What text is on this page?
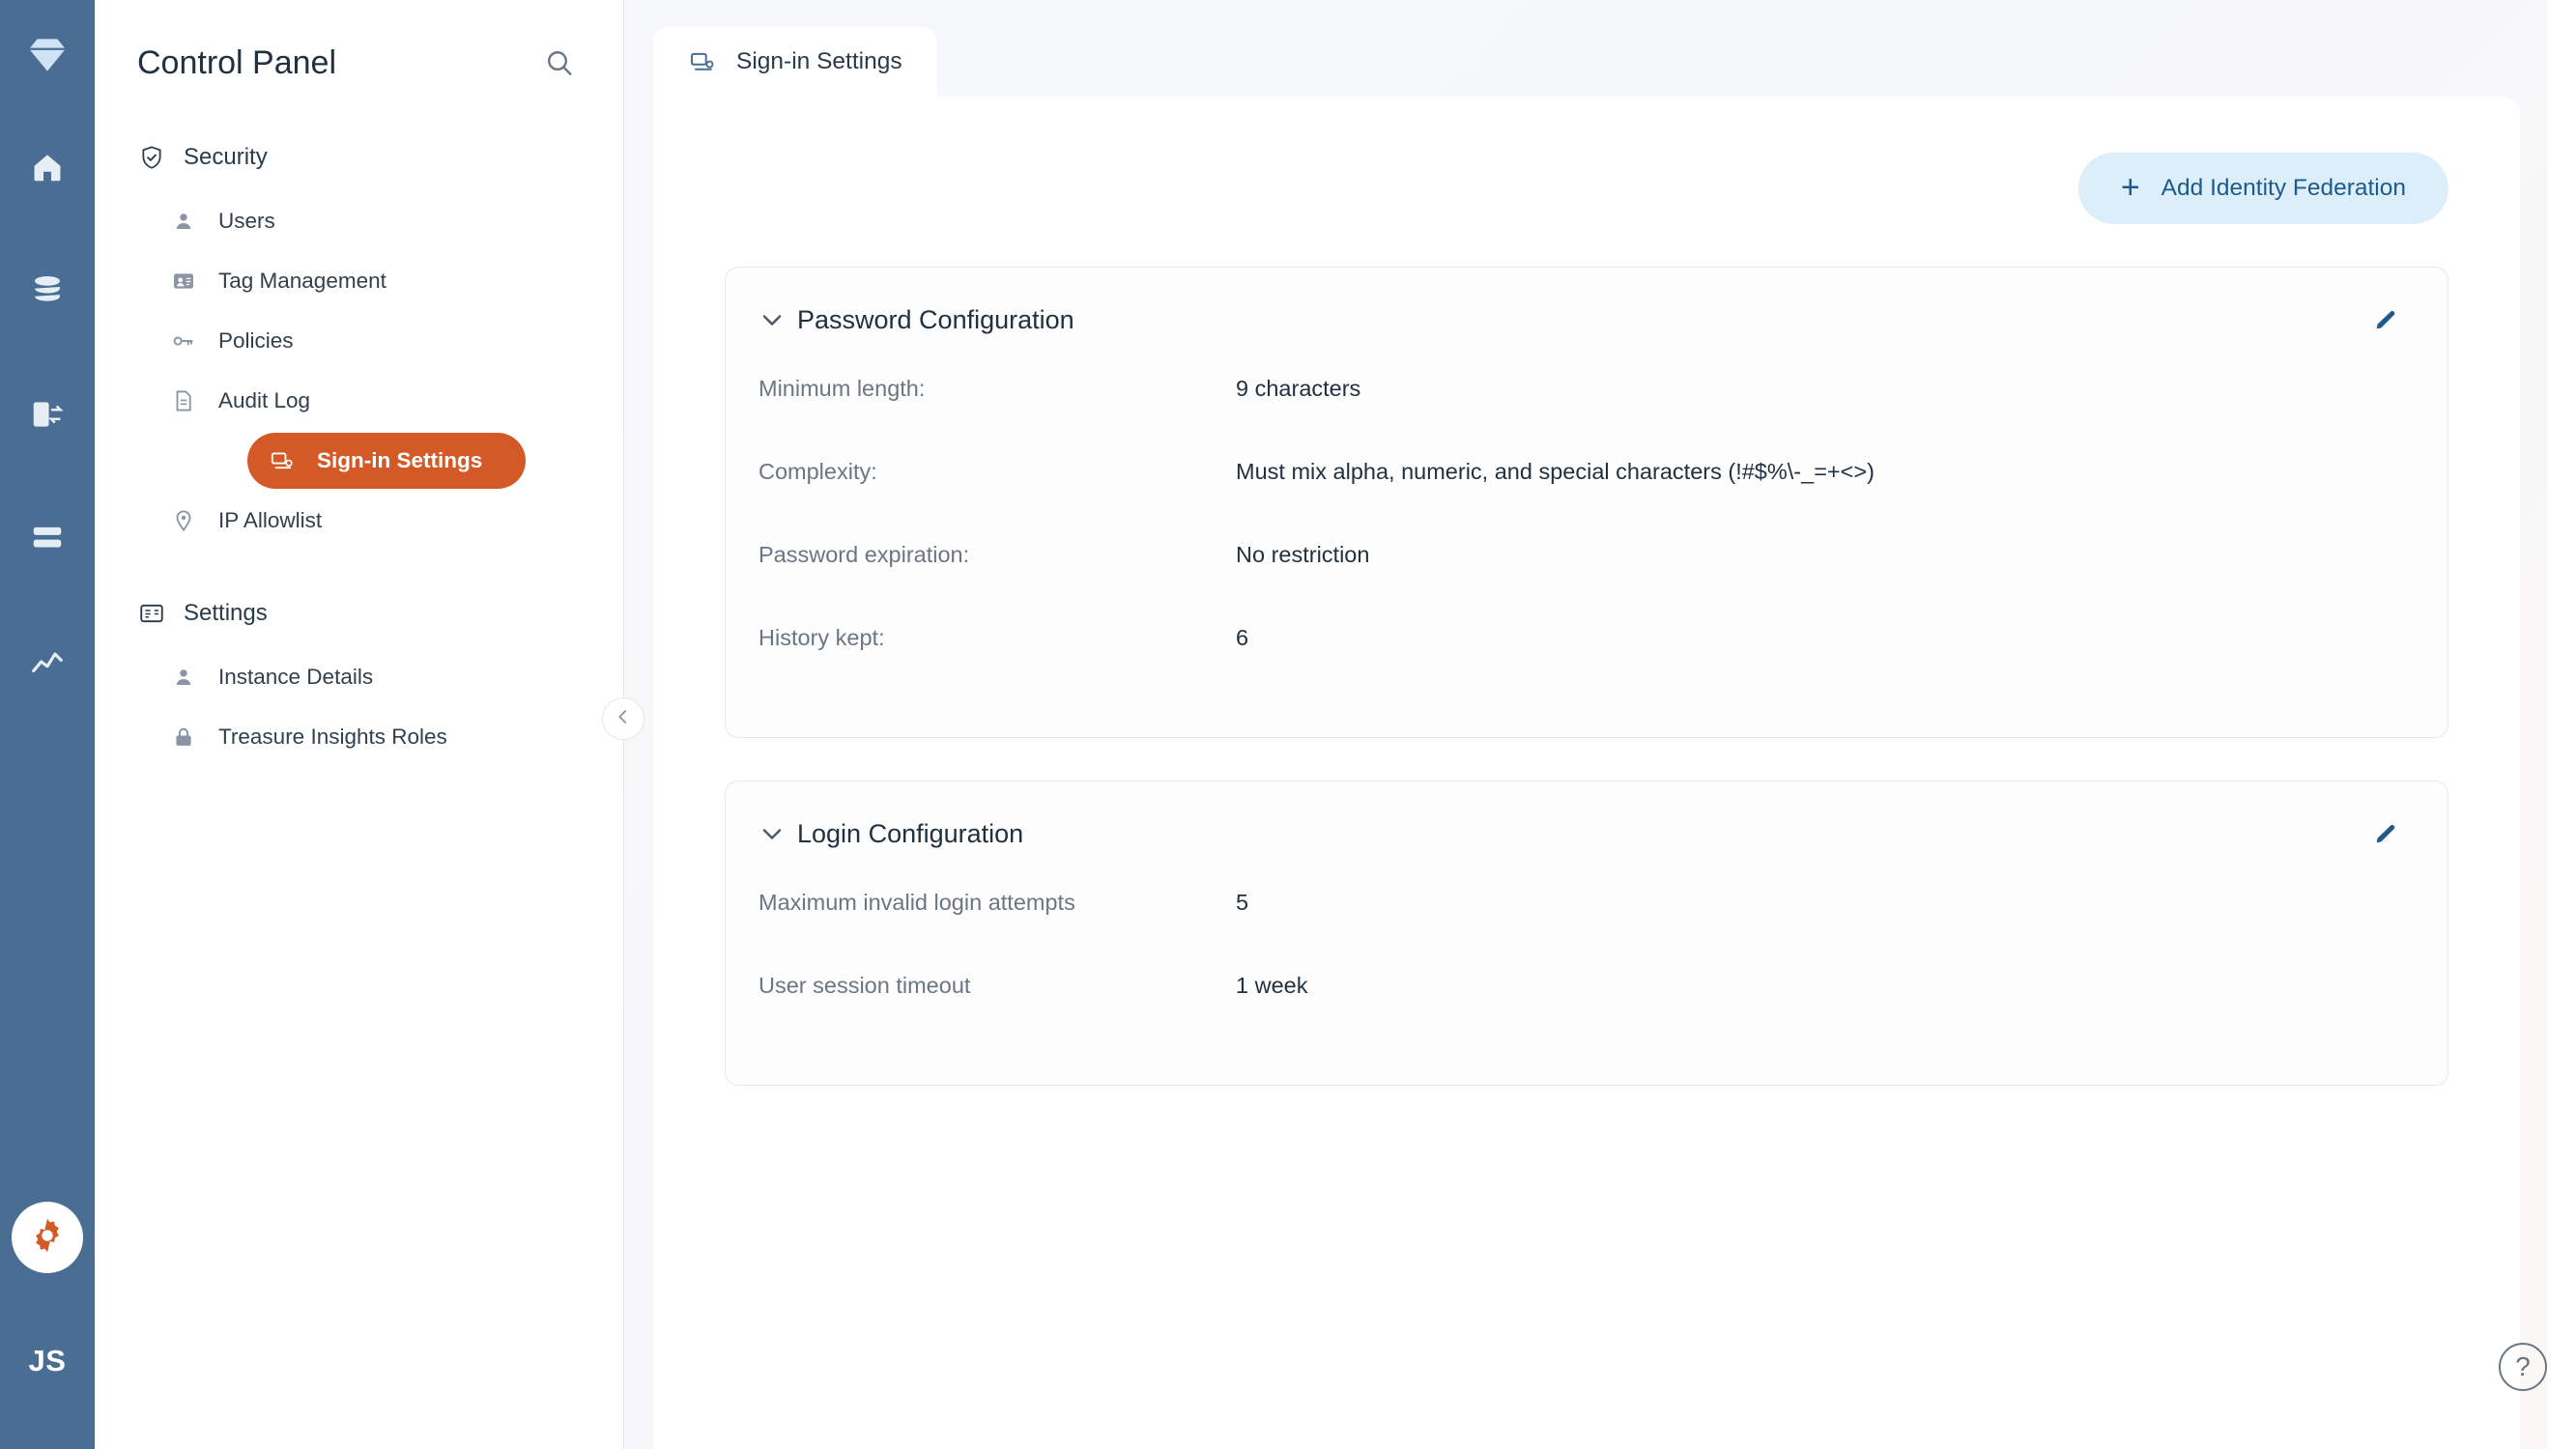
JS
Control Panel
Security
Users
Tag Management
Policies
Audit Log
Sign-in Settings
IP Allowlist
Settings
Instance Details
Treasure Insights Roles
Sign-in Settings
+ Add Identity Federation
Password Configuration
Minimum length:	9 characters
Complexity:	Must mix alpha, numeric, and special characters (!#$%\-_=+<>)
Password expiration:	No restriction
History kept:	6
Login Configuration
Maximum invalid login attempts	5
User session timeout	1 week
?
